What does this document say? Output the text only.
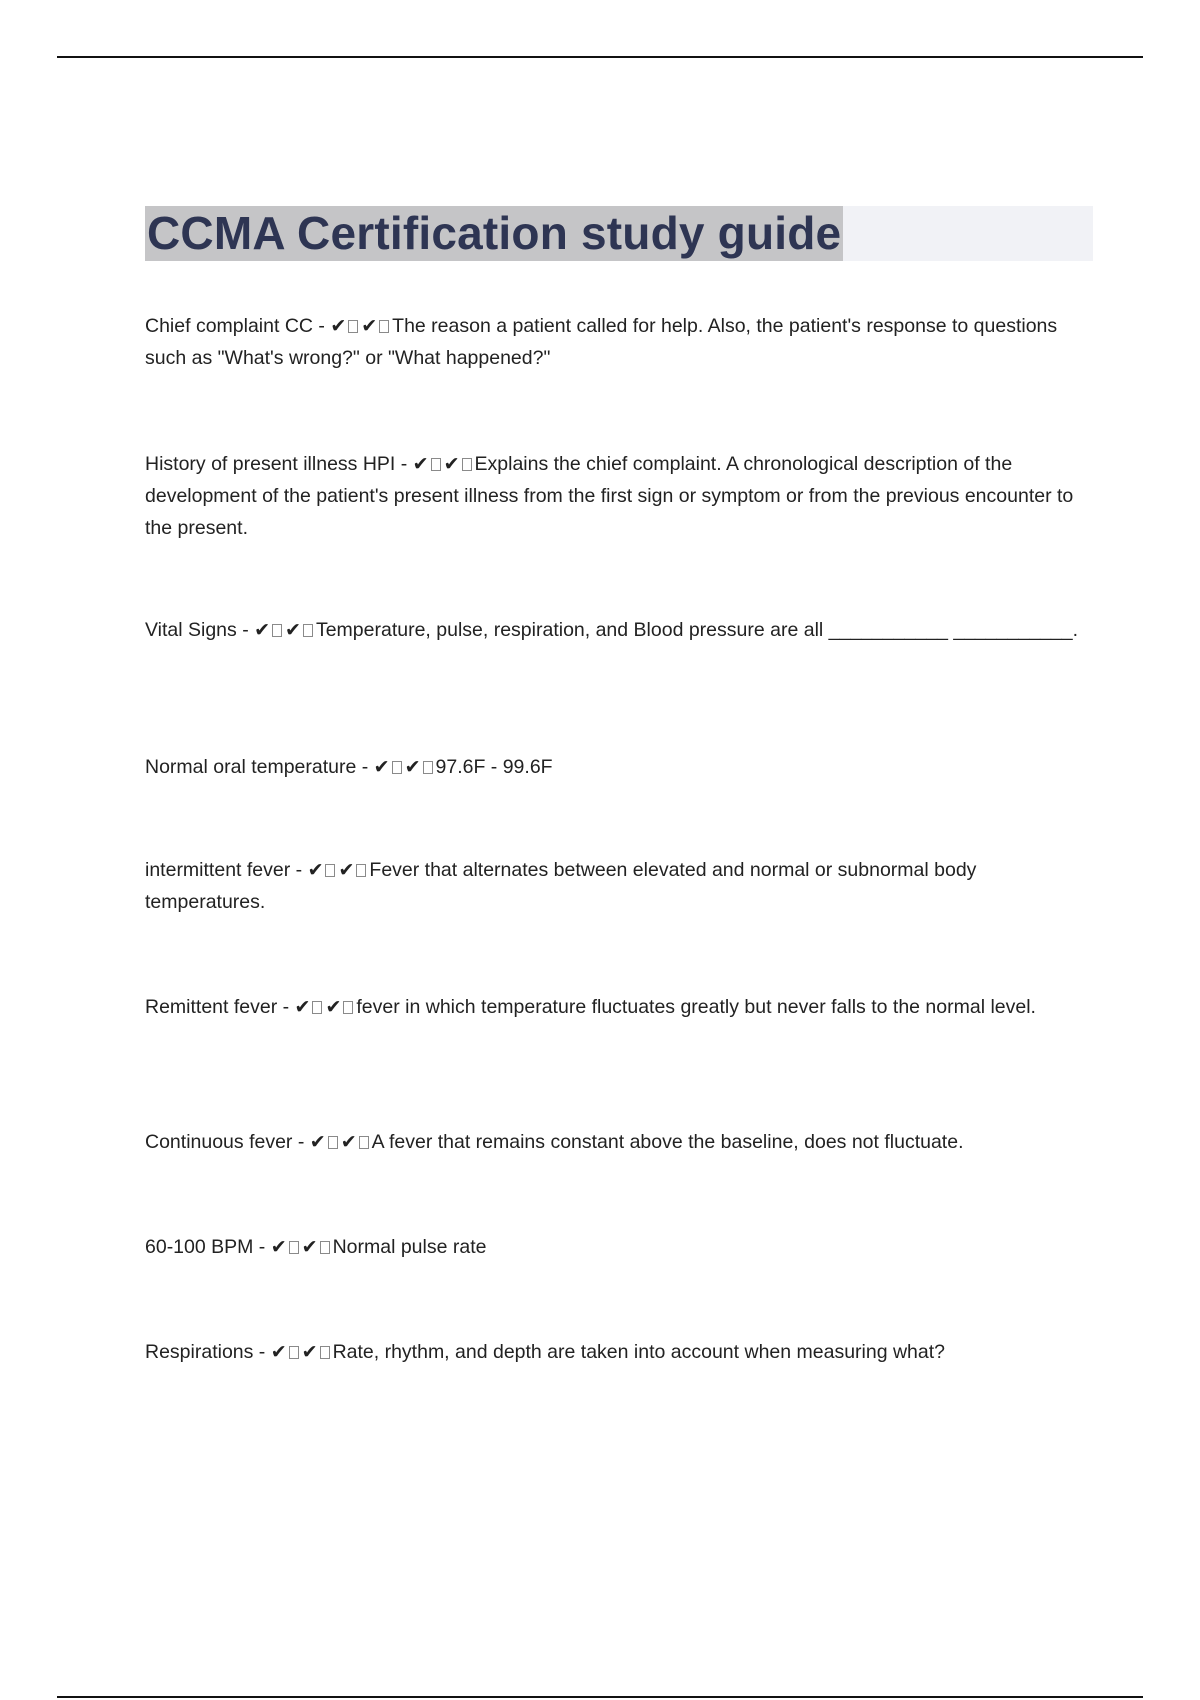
CCMA Certification study guide
Chief complaint CC - ✔ ✔ The reason a patient called for help. Also, the patient's response to questions such as "What's wrong?" or "What happened?"
History of present illness HPI - ✔ ✔ Explains the chief complaint. A chronological description of the development of the patient's present illness from the first sign or symptom or from the previous encounter to the present.
Vital Signs - ✔ ✔ Temperature, pulse, respiration, and Blood pressure are all ___________ ___________.
Normal oral temperature - ✔ ✔ 97.6F - 99.6F
intermittent fever - ✔ ✔ Fever that alternates between elevated and normal or subnormal body temperatures.
Remittent fever - ✔ ✔ fever in which temperature fluctuates greatly but never falls to the normal level.
Continuous fever - ✔ ✔ A fever that remains constant above the baseline, does not fluctuate.
60-100 BPM - ✔ ✔ Normal pulse rate
Respirations - ✔ ✔ Rate, rhythm, and depth are taken into account when measuring what?
